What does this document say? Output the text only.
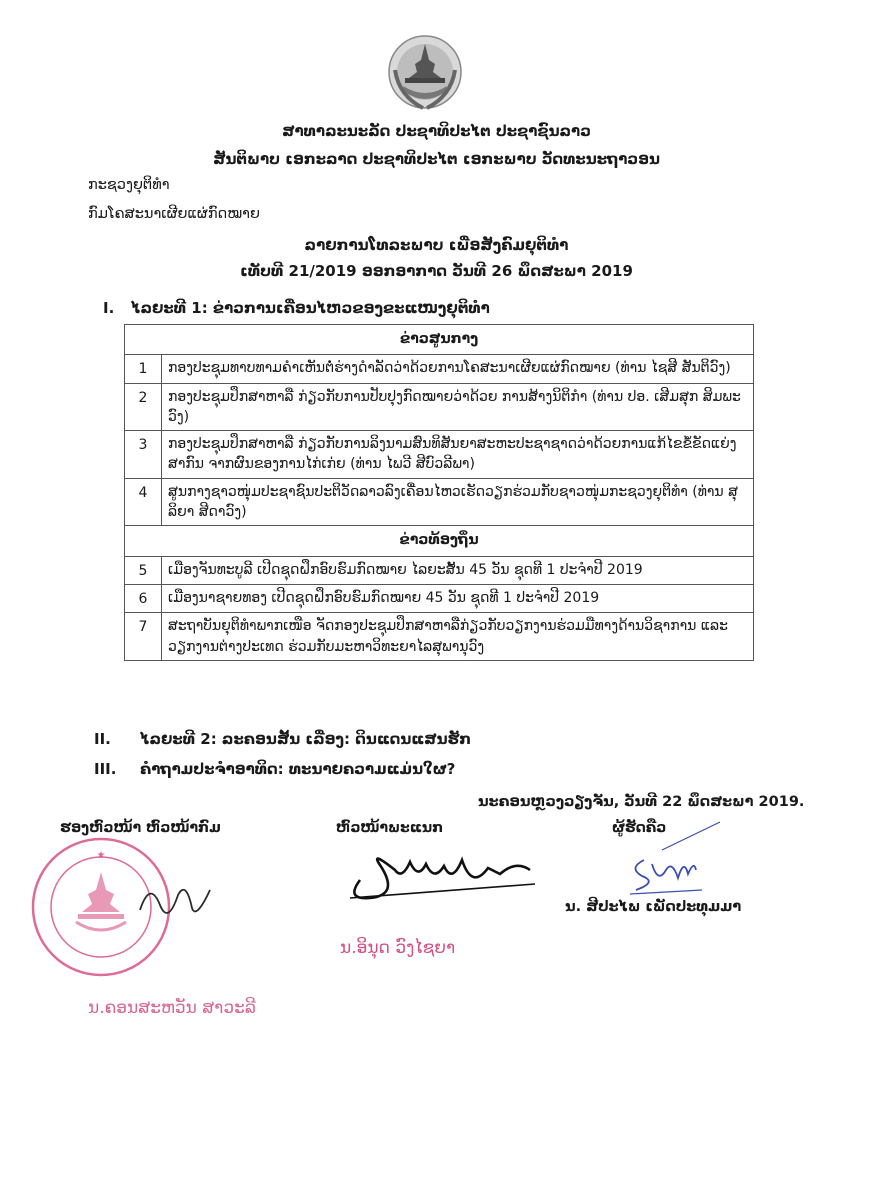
ສາທາລະນະລັດ ປະຊາທິປະໄຕ ປະຊາຊົນລາວ
ສັນຕິພາບ ເອກະລາດ ປະຊາທິປະໄຕ ເອກະພາບ ວັດທະນະຖາວອນ
ກະຊວງຍຸຕິທຳ
ກົມໂຄສະນາເຜີຍແຜ່ກົດໝາຍ
ລາຍການໂທລະພາບ ເພື່ອສັງຄົມຍຸຕິທຳ
ເທັບທີ 21/2019 ອອກອາກາດ ວັນທີ 26 ພຶດສະພາ 2019
I. ໄລຍະທີ 1: ຂ່າວການເຄື່ອນໄຫວຂອງຂະແໜງຍຸຕິທຳ
ຂ່າວສູນກາງ	
1	ກອງປະຊຸມທາບທາມຄຳເຫັນຕໍ່ຮ່າງດຳລັດວ່າດ້ວຍການໂຄສະນາເຜີຍແຜ່ກົດໝາຍ (ທ່ານ ໄຊສີ ສັນຕິວົງ)
2	ກອງປະຊຸມປຶກສາຫາລື ກ່ຽວກັບການປັບປຸງກົດໝາຍວ່າດ້ວຍ ການສ້າງນິຕິກຳ (ທ່ານ ປອ. ເສີມສຸກ ສິມພະວົງ)
3	ກອງປະຊຸມປຶກສາຫາລື ກ່ຽວກັບການລິງນາມສົນທິສັນຍາສະຫະປະຊາຊາດວ່າດ້ວຍການແກ້ໄຂຂໍ້ຂັດແຍ່ງສາກົນ ຈາກຜົນຂອງການໄກ່ເກ່ຍ (ທ່ານ ໄພວີ ສີບົວລີພາ)
4	ສູນກາງຊາວໜຸ່ມປະຊາຊົນປະຕິວັດລາວລົງເຄື່ອນໄຫວເຮັດວຽກຮ່ວມກັບຊາວໜຸ່ມກະຊວງຍຸຕິທຳ (ທ່ານ ສຸລິຍາ ສີດາວົງ)
ຂ່າວທ້ອງຖິ່ນ	
5	ເມືອງຈັນທະບູລີ ເປີດຊຸດຝຶກອົບຮົມກົດໝາຍ ໄລຍະສັ້ນ 45 ວັນ ຊຸດທີ 1 ປະຈຳປີ 2019
6	ເມືອງນາຊາຍທອງ ເປີດຊຸດຝຶກອົບຮົມກົດໝາຍ 45 ວັນ ຊຸດທີ 1 ປະຈຳປີ 2019
7	ສະຖາບັນຍຸຕິທຳພາກເໜືອ ຈັດກອງປະຊຸມປຶກສາຫາລືກ່ຽວກັບວຽກງານຮ່ວມມືທາງດ້ານວິຊາການ ແລະ ວຽກງານຕ່າງປະເທດ ຮ່ວມກັບມະຫາວິທະຍາໄລສຸພານຸວົງ
II. ໄລຍະທີ 2: ລະຄອນສັ້ນ ເລື່ອງ: ດິນແດນແສນຮັກ
III. ຄຳຖາມປະຈຳອາທິດ: ທະນາຍຄວາມແມ່ນໃຜ?
ນະຄອນຫຼວງວຽງຈັນ, ວັນທີ 22 ພຶດສະພາ 2019.
ຮອງຫົວໜ້າ ຫົວໜ້າກົມ	ຫົວໜ້າພະແນກ	ຜູ້ຮັດຄືວ
★
ນ.ອິນຸດ ວົງໄຊຍາ
ນ. ສີປະໄພ ເພັດປະທຸມມາ
ນ.ຄອນສະຫວັນ ສາວະລີ
